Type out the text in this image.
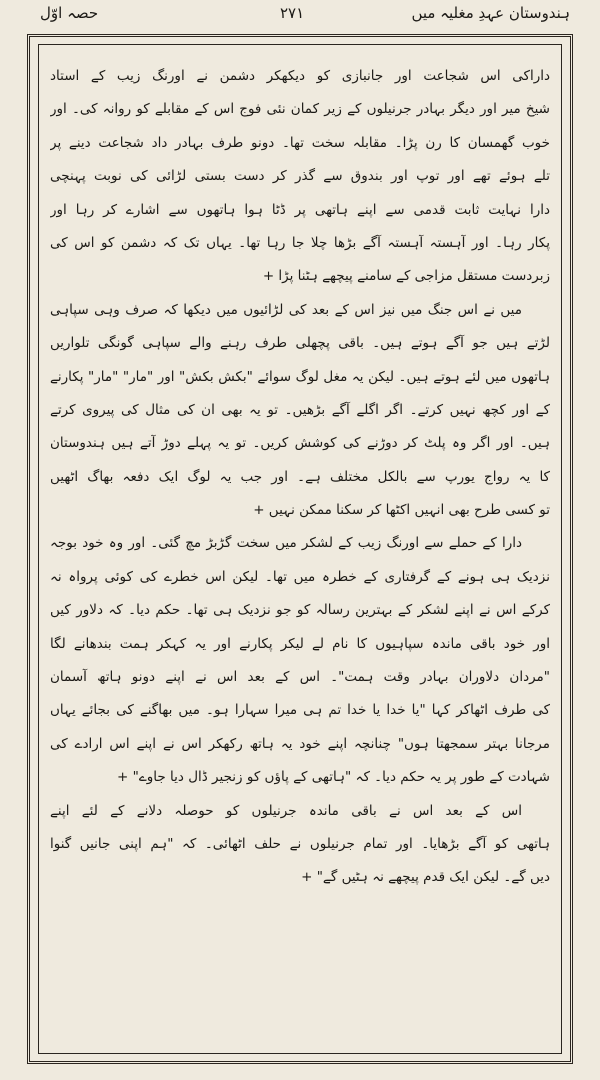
ہندوستان عہدِ مغلیہ میں
۲۷۱
حصہ اوّل
داراکی اس شجاعت اور جانبازی کو دیکھکر دشمن نے اورنگ زیب کے استاد
شیخ میر اور دیگر بہادر جرنیلوں کے زیر کمان نئی فوج اس کے مقابلے کو روانہ کی۔ اور
خوب گھمسان کا رن پڑا۔ مقابلہ سخت تھا۔ دونو طرف بہادر داد شجاعت دینے پر
تلے ہوئے تھے اور توپ اور بندوق سے گذر کر دست بستی لڑائی کی نوبت پہنچی
دارا نہایت ثابت قدمی سے اپنے ہاتھی پر ڈٹا ہوا ہاتھوں سے اشارے کر رہا اور
پکار رہا۔ اور آہستہ آہستہ آگے بڑھا چلا جا رہا تھا۔ یہاں تک کہ دشمن کو اس کی
زبردست مستقل مزاجی کے سامنے پیچھے ہٹنا پڑا +
میں نے اس جنگ میں نیز اس کے بعد کی لڑائیوں میں دیکھا کہ صرف وہی سپاہی
لڑتے ہیں جو آگے ہوتے ہیں۔ باقی پچھلی طرف رہنے والے سپاہی گونگی تلواریں
ہاتھوں میں لئے ہوتے ہیں۔ لیکن یہ مغل لوگ سوائے "بکش بکش" اور "مار" "مار" پکارنے
کے اور کچھ نہیں کرتے۔ اگر اگلے آگے بڑھیں۔ تو یہ بھی ان کی مثال کی پیروی کرتے
ہیں۔ اور اگر وہ پلٹ کر دوڑنے کی کوشش کریں۔ تو یہ پہلے دوڑ آتے ہیں ہندوستان
کا یہ رواج یورپ سے بالکل مختلف ہے۔ اور جب یہ لوگ ایک دفعہ بھاگ اٹھیں
تو کسی طرح بھی انہیں اکٹھا کر سکنا ممکن نہیں +
دارا کے حملے سے اورنگ زیب کے لشکر میں سخت گڑبڑ مچ گئی۔ اور وہ خود بوجہ
نزدیک ہی ہونے کے گرفتاری کے خطرہ میں تھا۔ لیکن اس خطرے کی کوئی پرواہ نہ
کرکے اس نے اپنے لشکر کے بہترین رسالہ کو جو نزدیک ہی تھا۔ حکم دیا۔ کہ دلاور کیں
اور خود باقی ماندہ سپاہیوں کا نام لے لیکر پکارنے اور یہ کہکر ہمت بندھانے لگا
"مردان دلاوران بہادر وقت ہمت"۔ اس کے بعد اس نے اپنے دونو ہاتھ آسمان
کی طرف اٹھاکر کہا "یا خدا یا خدا تم ہی میرا سہارا ہو۔ میں بھاگنے کی بجائے یہاں
مرجانا بہتر سمجھتا ہوں" چنانچہ اپنے خود یہ ہاتھ رکھکر اس نے اپنے اس ارادے کی
شہادت کے طور پر یہ حکم دیا۔ کہ "ہاتھی کے پاؤں کو زنجیر ڈال دیا جاوے" +
اس کے بعد اس نے باقی ماندہ جرنیلوں کو حوصلہ دلانے کے لئے اپنے
ہاتھی کو آگے بڑھایا۔ اور تمام جرنیلوں نے حلف اٹھائی۔ کہ "ہم اپنی جانیں گنوا
دیں گے۔ لیکن ایک قدم پیچھے نہ ہٹیں گے" +
